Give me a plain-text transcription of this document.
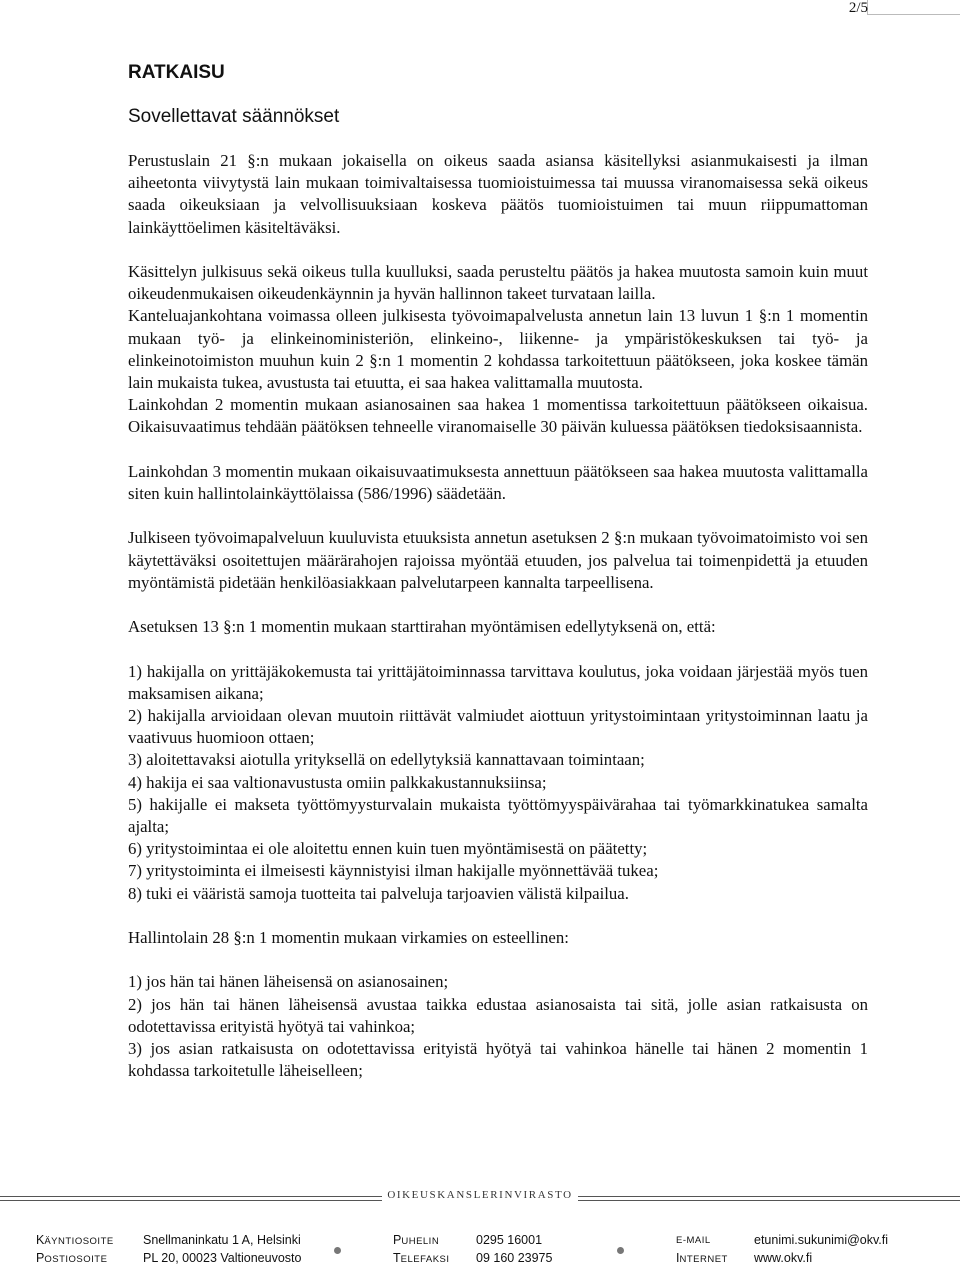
2/5
RATKAISU
Sovellettavat säännökset

Perustuslain 21 §:n mukaan jokaisella on oikeus saada asiansa käsitellyksi asianmukaisesti ja ilman aiheetonta viivytystä lain mukaan toimivaltaisessa tuomioistuimessa tai muussa viranomaisessa sekä oikeus saada oikeuksiaan ja velvollisuuksiaan koskeva päätös tuomioistuimen tai muun riippumattoman lainkäyttöelimen käsiteltäväksi.

Käsittelyn julkisuus sekä oikeus tulla kuulluksi, saada perusteltu päätös ja hakea muutosta samoin kuin muut oikeudenmukaisen oikeudenkäynnin ja hyvän hallinnon takeet turvataan lailla.

Kanteluajankohtana voimassa olleen julkisesta työvoimapalvelusta annetun lain 13 luvun 1 §:n 1 momentin mukaan työ- ja elinkeinoministeriön, elinkeino-, liikenne- ja ympäristökeskuksen tai työ- ja elinkeinotoimiston muuhun kuin 2 §:n 1 momentin 2 kohdassa tarkoitettuun päätökseen, joka koskee tämän lain mukaista tukea, avustusta tai etuutta, ei saa hakea valittamalla muutosta.

Lainkohdan 2 momentin mukaan asianosainen saa hakea 1 momentissa tarkoitettuun päätökseen oikaisua. Oikaisuvaatimus tehdään päätöksen tehneelle viranomaiselle 30 päivän kuluessa päätöksen tiedoksisaannista.

Lainkohdan 3 momentin mukaan oikaisuvaatimuksesta annettuun päätökseen saa hakea muutosta valittamalla siten kuin hallintolainkäyttölaissa (586/1996) säädetään.

Julkiseen työvoimapalveluun kuuluvista etuuksista annetun asetuksen 2 §:n mukaan työvoimatoimisto voi sen käytettäväksi osoitettujen määrärahojen rajoissa myöntää etuuden, jos palvelua tai toimenpidettä ja etuuden myöntämistä pidetään henkilöasiakkaan palvelutarpeen kannalta tarpeellisena.

Asetuksen 13 §:n 1 momentin mukaan starttirahan myöntämisen edellytyksenä on, että:

1) hakijalla on yrittäjäkokemusta tai yrittäjätoiminnassa tarvittava koulutus, joka voidaan järjestää myös tuen maksamisen aikana;

2) hakijalla arvioidaan olevan muutoin riittävät valmiudet aiottuun yritystoimintaan yritystoiminnan laatu ja vaativuus huomioon ottaen;

3) aloitettavaksi aiotulla yrityksellä on edellytyksiä kannattavaan toimintaan;

4) hakija ei saa valtionavustusta omiin palkkakustannuksiinsa;

5) hakijalle ei makseta työttömyysturvalain mukaista työttömyyspäivärahaa tai työmarkkinatukea samalta ajalta;

6) yritystoimintaa ei ole aloitettu ennen kuin tuen myöntämisestä on päätetty;

7) yritystoiminta ei ilmeisesti käynnistyisi ilman hakijalle myönnettävää tukea;

8) tuki ei vääristä samoja tuotteita tai palveluja tarjoavien välistä kilpailua.

Hallintolain 28 §:n 1 momentin mukaan virkamies on esteellinen:

1) jos hän tai hänen läheisensä on asianosainen;

2) jos hän tai hänen läheisensä avustaa taikka edustaa asianosaista tai sitä, jolle asian ratkaisusta on odotettavissa erityistä hyötyä tai vahinkoa;

3) jos asian ratkaisusta on odotettavissa erityistä hyötyä tai vahinkoa hänelle tai hänen 2 momentin 1 kohdassa tarkoitetulle läheiselleen;

OIKEUSKANSLERINVIRASTO
KÄYNTIOSOITE Snellmaninkatu 1 A, Helsinki	PUHELIN	0295 16001	E-MAIL	etunimi.sukunimi@okv.fi
POSTIOSOITE	PL 20, 00023 Valtioneuvosto	TELEFAKSI 09 160 23975	INTERNET www.okv.fi
